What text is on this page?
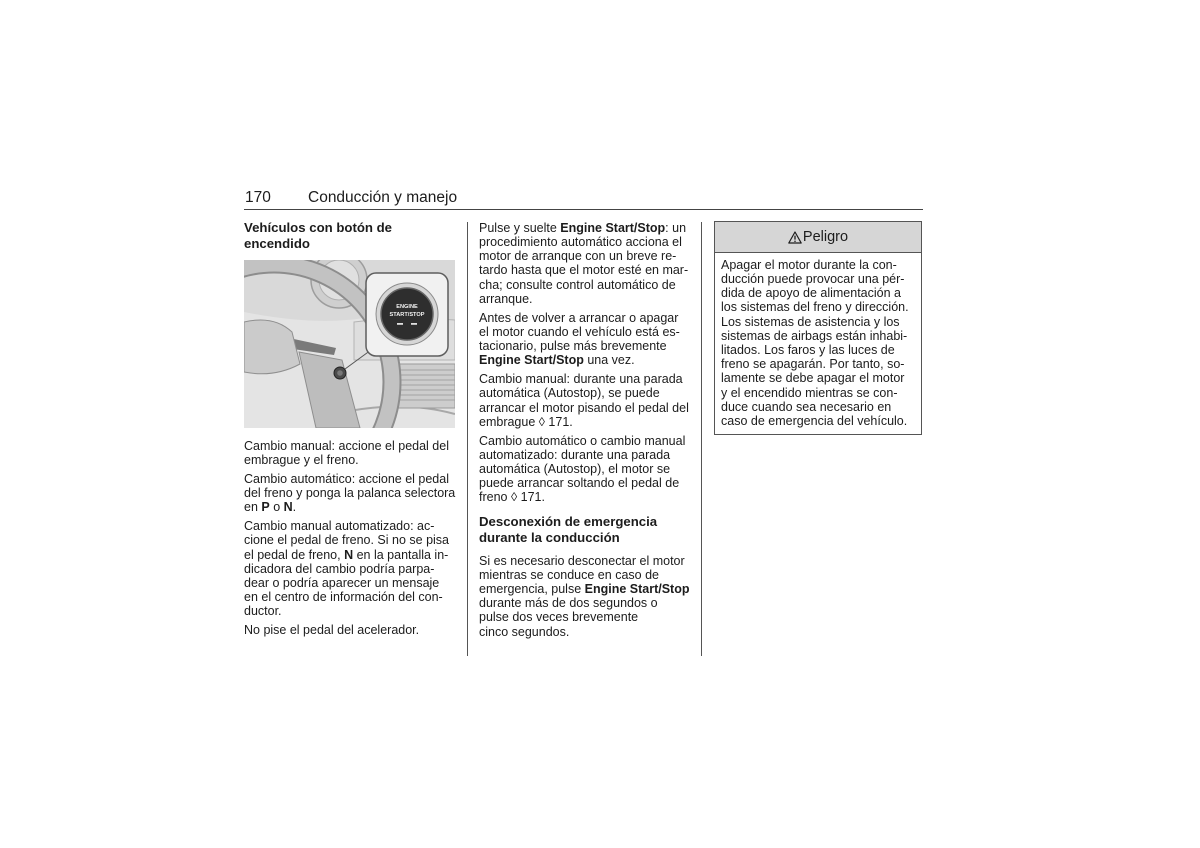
170 Conducción y manejo
Vehículos con botón de
encendido
ENGINE
START/STOP
Cambio manual: accione el pedal del
embrague y el freno.
Cambio automático: accione el pedal
del freno y ponga la palanca selectora
en P o N.
Cambio manual automatizado: ac-
cione el pedal de freno. Si no se pisa
el pedal de freno, N en la pantalla in-
dicadora del cambio podría parpa-
dear o podría aparecer un mensaje
en el centro de información del con-
ductor.
No pise el pedal del acelerador.
Pulse y suelte Engine Start/Stop: un
procedimiento automático acciona el
motor de arranque con un breve re-
tardo hasta que el motor esté en mar-
cha; consulte control automático de
arranque.
Antes de volver a arrancar o apagar
el motor cuando el vehículo está es-
tacionario, pulse más brevemente
Engine Start/Stop una vez.
Cambio manual: durante una parada
automática (Autostop), se puede
arrancar el motor pisando el pedal del
embrague ◊ 171.
Cambio automático o cambio manual
automatizado: durante una parada
automática (Autostop), el motor se
puede arrancar soltando el pedal de
freno ◊ 171.
Desconexión de emergencia
durante la conducción
Si es necesario desconectar el motor
mientras se conduce en caso de
emergencia, pulse Engine Start/Stop
durante más de dos segundos o
pulse dos veces brevemente
cinco segundos.
Peligro
Apagar el motor durante la con-
ducción puede provocar una pér-
dida de apoyo de alimentación a
los sistemas del freno y dirección.
Los sistemas de asistencia y los
sistemas de airbags están inhabi-
litados. Los faros y las luces de
freno se apagarán. Por tanto, so-
lamente se debe apagar el motor
y el encendido mientras se con-
duce cuando sea necesario en
caso de emergencia del vehículo.
